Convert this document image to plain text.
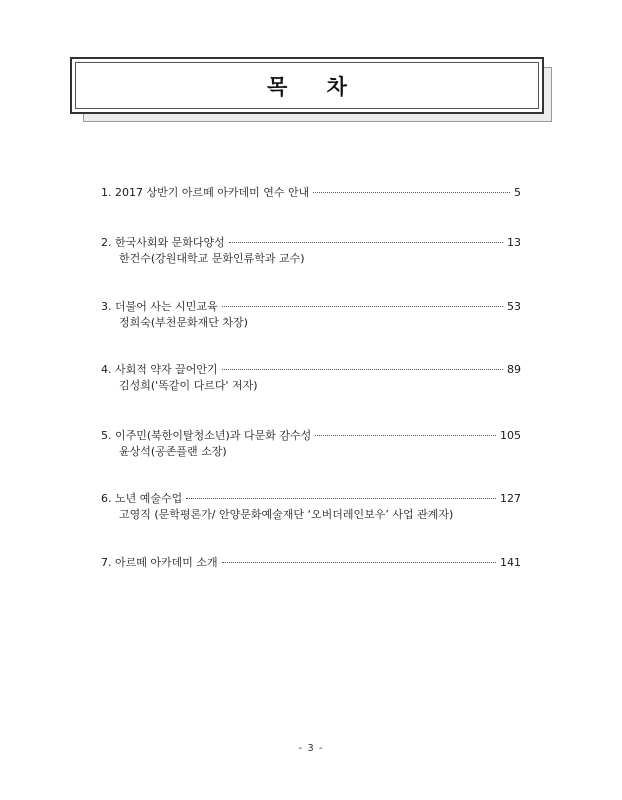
목 차
1. 2017 상반기 아르떼 아카데미 연수 안내	5
2. 한국사회와 문화다양성	13
한건수(강원대학교 문화인류학과 교수)
3. 더불어 사는 시민교육	53
정희숙(부천문화재단 차장)
4. 사회적 약자 끌어안기	89
김성희('똑같이 다르다' 저자)
5. 이주민(북한이탈청소년)과 다문화 감수성	105
윤상석(공존플랜 소장)
6. 노년 예술수업	127
고영직 (문학평론가/ 안양문화예술재단 ‘오버더레인보우’ 사업 관계자)
7. 아르떼 아카데미 소개	141
- 3 -
